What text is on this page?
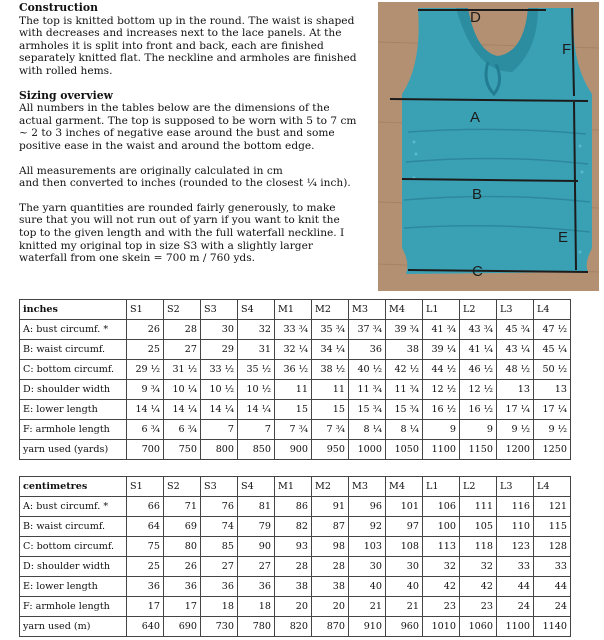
Construction

The top is knitted bottom up in the round. The waist is shaped

with decreases and increases next to the lace panels. At the

armholes it is split into front and back, each are finished

separately knitted flat. The neckline and armholes are finished

with rolled hems.

Sizing overview

All numbers in the tables below are the dimensions of the

actual garment. The top is supposed to be worn with 5 to 7 cm

~ 2 to 3 inches of negative ease around the bust and some

positive ease in the waist and around the bottom edge.

All measurements are originally calculated in cm

and then converted to inches (rounded to the closest ¼ inch).

The yarn quantities are rounded fairly generously, to make

sure that you will not run out of yarn if you want to knit the

top to the given length and with the full waterfall neckline. I

knitted my original top in size S3 with a slightly larger

waterfall from one skein = 700 m / 760 yds.

D
F
A
B
E
C
inches	S1	S2	S3	S4	M1	M2	M3	M4	L1	L2	L3	L4
A: bust circumf. *	26	28	30	32	33 ¾	35 ¾	37 ¾	39 ¾	41 ¾	43 ¾	45 ¾	47 ½
B: waist circumf.	25	27	29	31	32 ¼	34 ¼	36	38	39 ¼	41 ¼	43 ¼	45 ¼
C: bottom circumf.	29 ½	31 ½	33 ½	35 ½	36 ½	38 ½	40 ½	42 ½	44 ½	46 ½	48 ½	50 ½
D: shoulder width	9 ¾	10 ¼	10 ½	10 ½	11	11	11 ¾	11 ¾	12 ½	12 ½	13	13
E: lower length	14 ¼	14 ¼	14 ¼	14 ¼	15	15	15 ¾	15 ¾	16 ½	16 ½	17 ¼	17 ¼
F: armhole length	6 ¾	6 ¾	7	7	7 ¾	7 ¾	8 ¼	8 ¼	9	9	9 ½	9 ½
yarn used (yards)	700	750	800	850	900	950	1000	1050	1100	1150	1200	1250
centimetres	S1	S2	S3	S4	M1	M2	M3	M4	L1	L2	L3	L4
A: bust circumf. *	66	71	76	81	86	91	96	101	106	111	116	121
B: waist circumf.	64	69	74	79	82	87	92	97	100	105	110	115
C: bottom circumf.	75	80	85	90	93	98	103	108	113	118	123	128
D: shoulder width	25	26	27	27	28	28	30	30	32	32	33	33
E: lower length	36	36	36	36	38	38	40	40	42	42	44	44
F: armhole length	17	17	18	18	20	20	21	21	23	23	24	24
yarn used (m)	640	690	730	780	820	870	910	960	1010	1060	1100	1140
